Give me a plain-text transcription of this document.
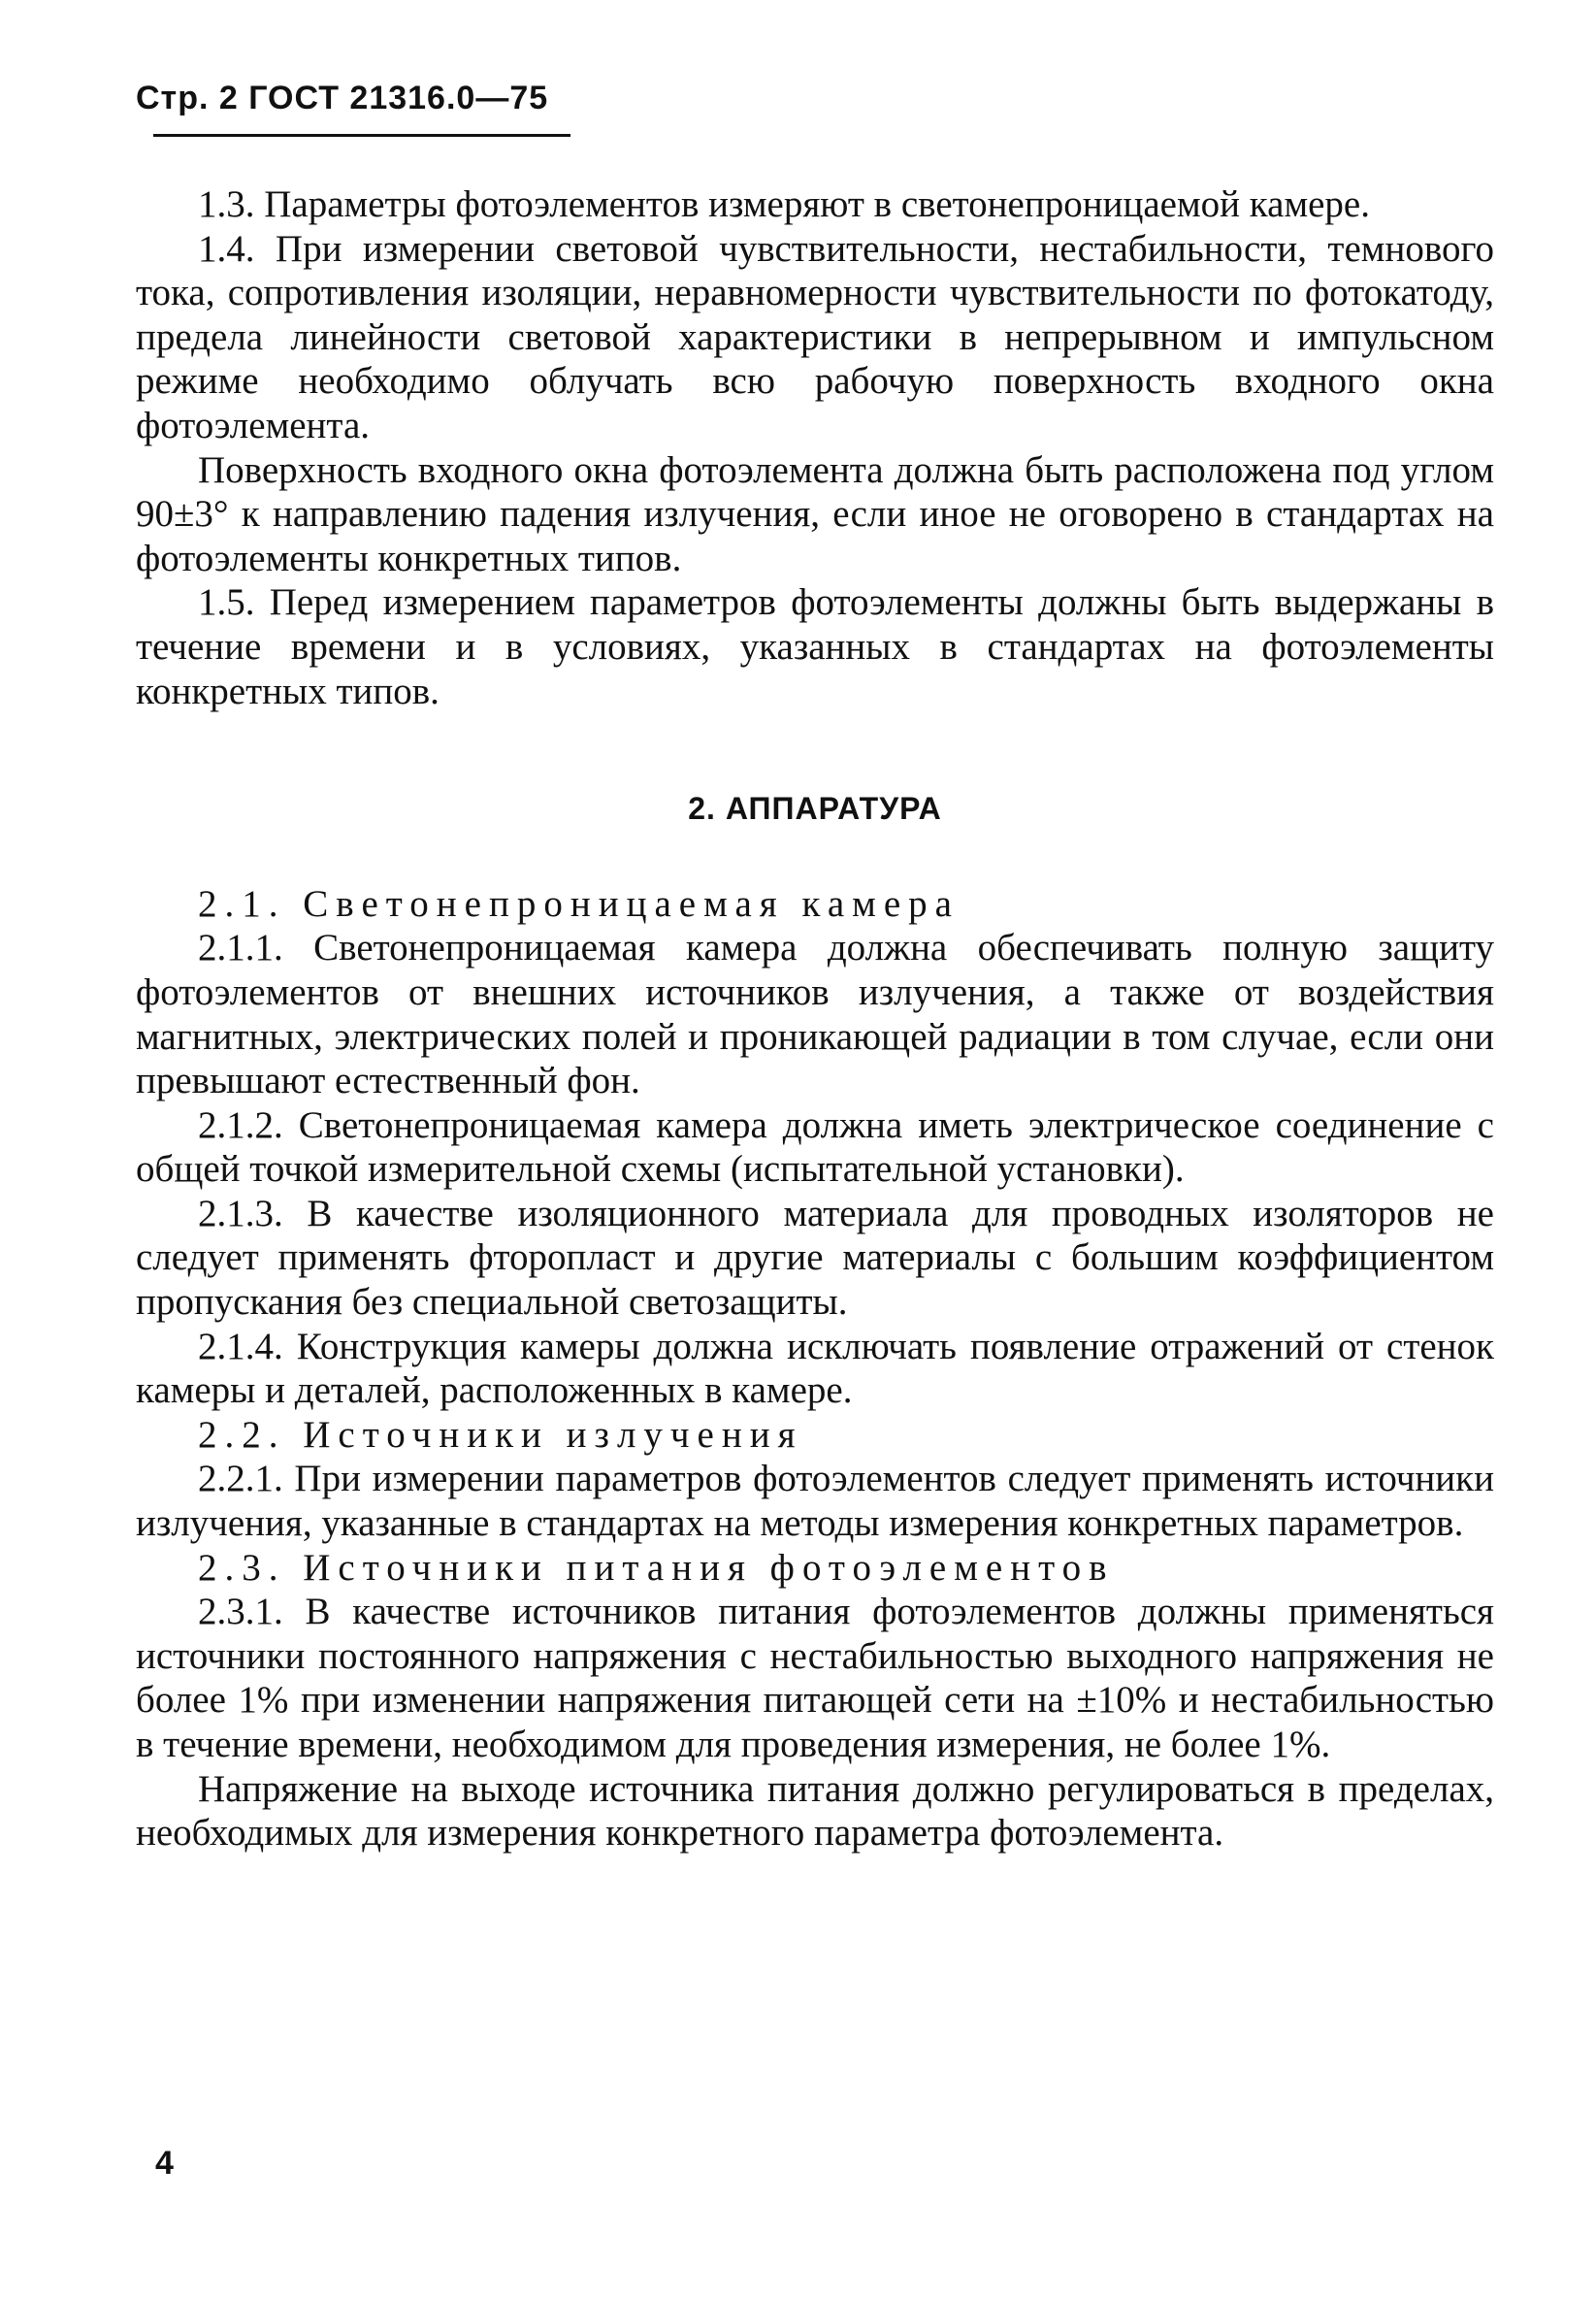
Стр. 2 ГОСТ 21316.0—75

1.3. Параметры фотоэлементов измеряют в светонепроницаемой камере.

1.4. При измерении световой чувствительности, нестабильности, темнового тока, сопротивления изоляции, неравномерности чувствительности по фотокатоду, предела линейности световой характеристики в непрерывном и импульсном режиме необходимо облучать всю рабочую поверхность входного окна фотоэлемента.

Поверхность входного окна фотоэлемента должна быть расположена под углом 90±3° к направлению падения излучения, если иное не оговорено в стандартах на фотоэлементы конкретных типов.

1.5. Перед измерением параметров фотоэлементы должны быть выдержаны в течение времени и в условиях, указанных в стандартах на фотоэлементы конкретных типов.

2. АППАРАТУРА

2.1. Светонепроницаемая камера

2.1.1. Светонепроницаемая камера должна обеспечивать полную защиту фотоэлементов от внешних источников излучения, а также от воздействия магнитных, электрических полей и проникающей радиации в том случае, если они превышают естественный фон.

2.1.2. Светонепроницаемая камера должна иметь электрическое соединение с общей точкой измерительной схемы (испытательной установки).

2.1.3. В качестве изоляционного материала для проводных изоляторов не следует применять фторопласт и другие материалы с большим коэффициентом пропускания без специальной светозащиты.

2.1.4. Конструкция камеры должна исключать появление отражений от стенок камеры и деталей, расположенных в камере.

2.2. Источники излучения

2.2.1. При измерении параметров фотоэлементов следует применять источники излучения, указанные в стандартах на методы измерения конкретных параметров.

2.3. Источники питания фотоэлементов

2.3.1. В качестве источников питания фотоэлементов должны применяться источники постоянного напряжения с нестабильностью выходного напряжения не более 1% при изменении напряжения питающей сети на ±10% и нестабильностью в течение времени, необходимом для проведения измерения, не более 1%.

Напряжение на выходе источника питания должно регулироваться в пределах, необходимых для измерения конкретного параметра фотоэлемента.

4
